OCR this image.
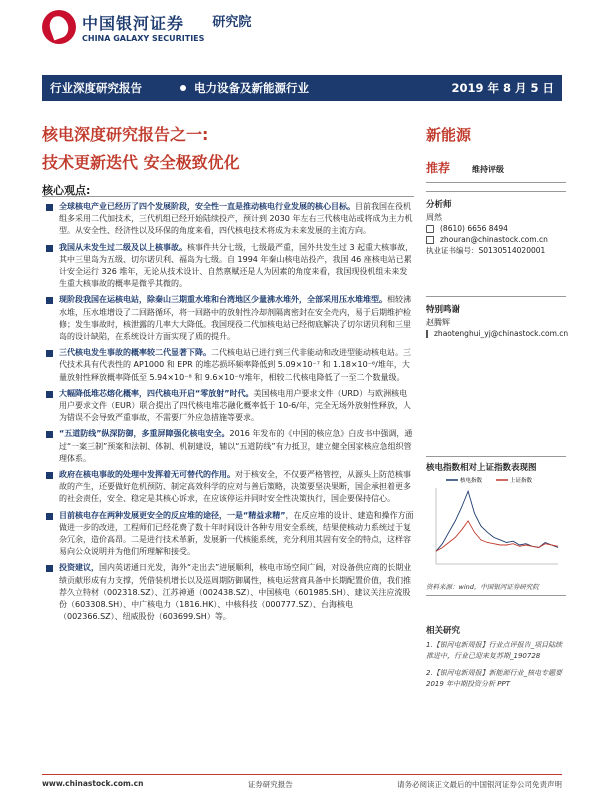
中国银河证券
CHINA GALAXY SECURITIES
研究院
行业深度研究报告	电力设备及新能源行业	2019 年 8 月 5 日
核电深度研究报告之一:
技术更新迭代 安全极致优化
核心观点:
全球核电产业已经历了四个发展阶段，安全性一直是推动核电行业发展的核心目标。目前我国在役机组多采用二代加技术，三代机组已经开始陆续投产，预计到 2030 年左右三代核电站或将成为主力机型。从安全性、经济性以及环保的角度来看，四代核电技术将成为未来发展的主流方向。
我国从未发生过二级及以上核事故。核事件共分七级，七级最严重，国外共发生过 3 起重大核事故，其中三里岛为五级、切尔诺贝利、福岛为七级。自 1994 年秦山核电站投产，我国 46 座核电站已累计安全运行 326 堆年，无论从技术设计、自然禀赋还是人为因素的角度来看，我国现役机组未来发生重大核事故的概率是微乎其微的。
现阶段我国在运核电站，除秦山三期重水堆和台湾地区少量沸水堆外，全部采用压水堆堆型。相较沸水堆，压水堆增设了二回路循环，将一回路中的放射性冷却剂隔离密封在安全壳内，易于后期维护检修；发生事故时，核泄露的几率大大降低。我国现役二代加核电站已经彻底解决了切尔诺贝利和三里岛的设计缺陷，在系统设计方面实现了质的提升。
三代核电发生事故的概率较二代显著下降。二代核电站已进行到三代非能动和改进型能动核电站。三代技术具有代表性的 AP1000 和 EPR 的堆芯损坏频率降低到 5.09×10⁻⁷ 和 1.18×10⁻⁶/堆年，大量放射性释放概率降低至 5.94×10⁻⁸ 和 9.6×10⁻⁸/堆年，相较二代核电降低了一至二个数量级。
大幅降低堆芯熔化概率，四代核电开启“零放射”时代。美国核电用户要求文件（URD）与欧洲核电用户要求文件（EUR）联合提出了四代核电堆芯融化概率低于 10-6/年，完全无场外放射性释放，人为错误不会导致严重事故，不需要厂外应急措施等要求。
“五道防线”纵深防御，多重屏障强化核电安全。2016 年发布的《中国的核应急》白皮书中强调，通过“一案三制”预案和法制、体制、机制建设，辅以“五道防线”有力抵卫，建立健全国家核应急组织管理体系。
政府在核电事故的处理中发挥着无可替代的作用。对于核安全，不仅要严格管控，从源头上防范核事故的产生，还要做好危机预防、制定高效科学的应对与善后策略，决策要坚决果断，国企承担着更多的社会责任，安全、稳定是其核心诉求，在应该停运并同时安全性决策执行，国企要保持信心。
目前核电存在两种发展更安全的反应堆的途径，一是“精益求精”，在反应堆的设计、建造和操作方面做进一步的改进，工程师们已经花费了数十年时间设计各种专用安全系统，结果使核动力系统过于复杂冗余，造价高昂。二是进行技术革新，发展新一代核能系统，充分利用其固有安全的特点，这样容易向公众说明并为他们所理解和接受。
投资建议，国内英诺通日光发，海外“走出去”进展顺利，核电市场空间广阔，对设备供应商的长期业绩贡献形成有力支撑，凭借装机增长以及巡周期防御属性，核电运营商具备中长期配置价值，我们推荐久立特材（002318.SZ）、江苏神通（002438.SZ）、中国核电（601985.SH）、建议关注应流股份（603308.SH）、中广核电力（1816.HK）、中核科技（000777.SZ）、台海核电（002366.SZ）、纽威股份（603699.SH）等。
新能源
推荐	维持评级
分析师
周然
(8610) 6656 8494
zhouran@chinastock.com.cn
执业证书编号：S0130514020001
特别鸣谢
赵腾辉
zhaotenghui_yj@chinastock.com.cn
核电指数相对上证指数表现图
核电指数	上证指数
资料来源：wind，中国银河证券研究院
相关研究

1.【银河电新周报】行业点评报告_项目陆续推进中，行业已迎来复苏期_190728

2.【银河电新周报】新能源行业_核电专题要 2019 年中期投资分析 PPT

www.chinastock.com.cn	证券研究报告	请务必阅读正文最后的中国银河证券公司免责声明
